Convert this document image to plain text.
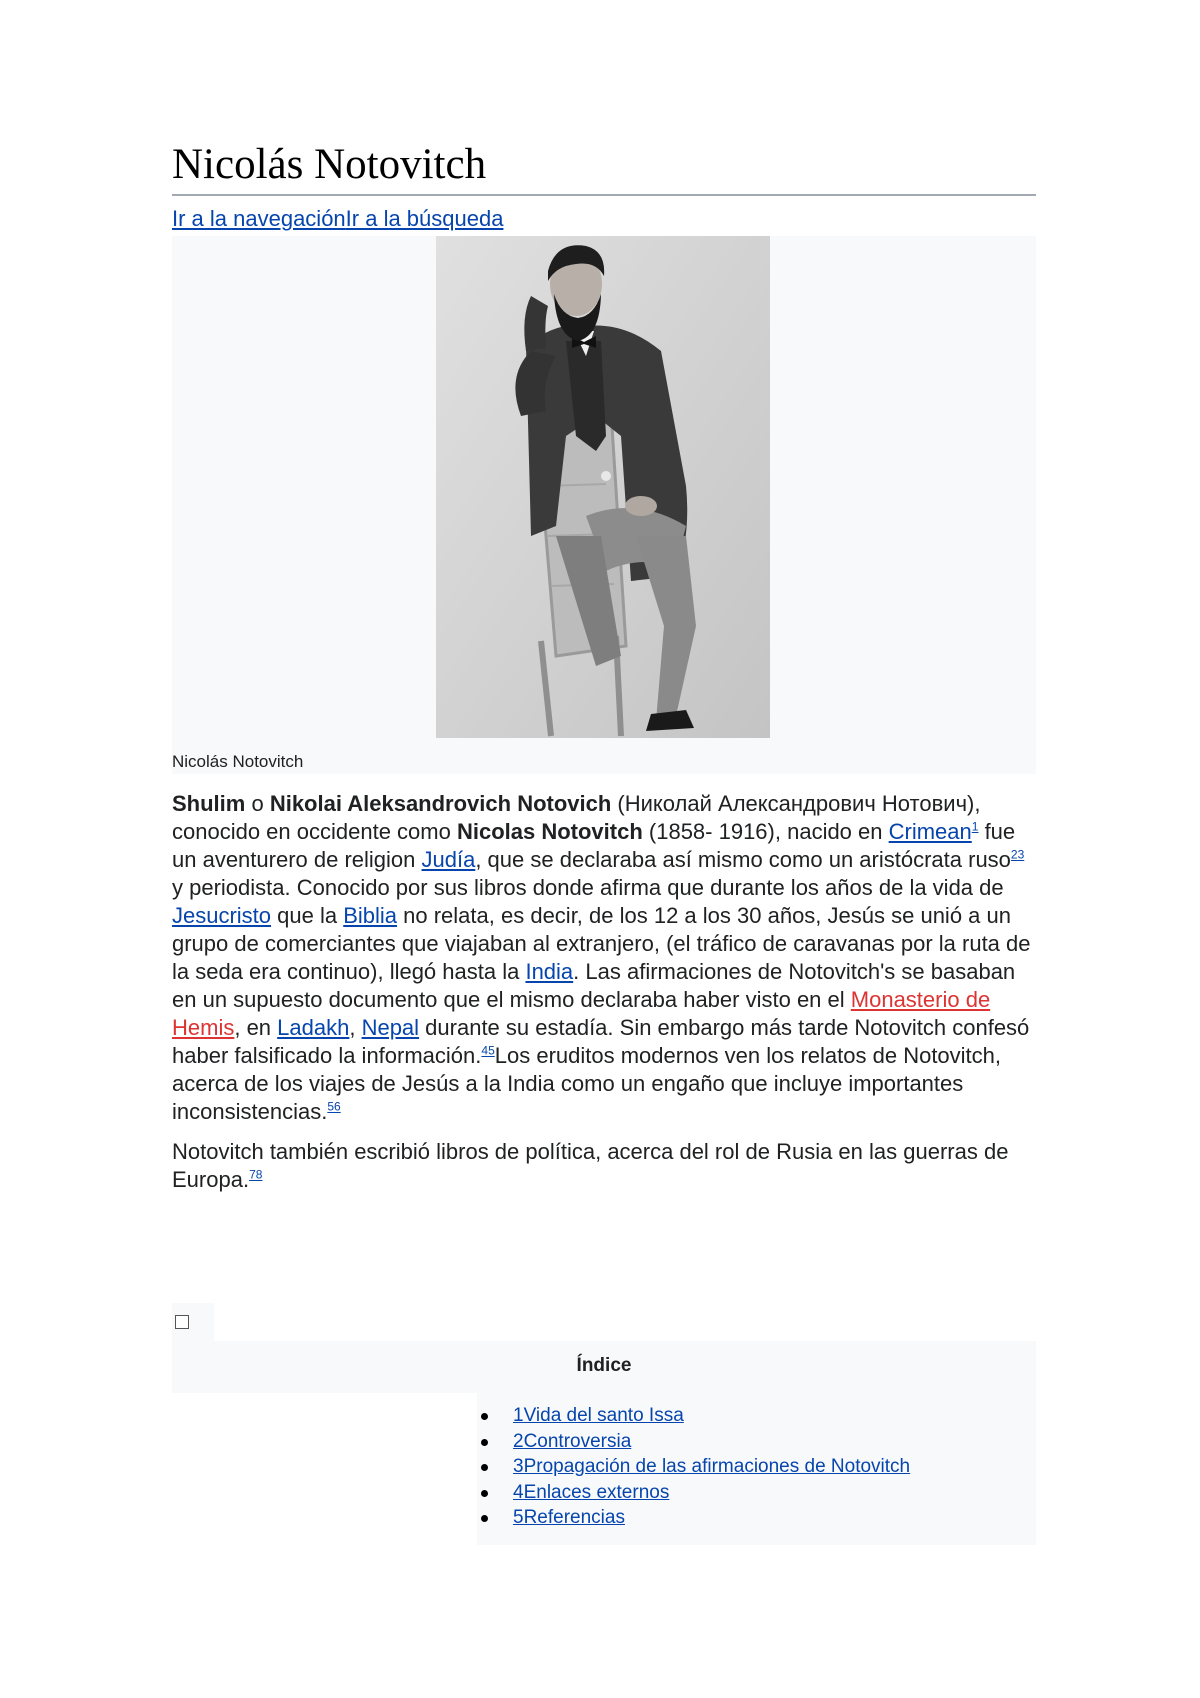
Nicolás Notovitch
Ir a la navegaciónIr a la búsqueda
Nicolás Notovitch

Shulim o Nikolai Aleksandrovich Notovich (Николай Александрович Нотович), conocido en occidente como Nicolas Notovitch (1858- 1916), nacido en Crimean$^1$ fue un aventurero de religion Judía, que se declaraba así mismo como un aristócrata ruso$^{23}$ y periodista. Conocido por sus libros donde afirma que durante los años de la vida de Jesucristo que la Biblia no relata, es decir, de los 12 a los 30 años, Jesús se unió a un grupo de comerciantes que viajaban al extranjero, (el tráfico de caravanas por la ruta de la seda era continuo), llegó hasta la India. Las afirmaciones de Notovitch's se basaban en un supuesto documento que el mismo declaraba haber visto en el Monasterio de Hemis, en Ladakh, Nepal durante su estadía. Sin embargo más tarde Notovitch confesó haber falsificado la información.$^{45}$Los eruditos modernos ven los relatos de Notovitch, acerca de los viajes de Jesús a la India como un engaño que incluye importantes inconsistencias.$^{56}$

Notovitch también escribió libros de política, acerca del rol de Rusia en las guerras de Europa.$^{78}$

Índice
1Vida del santo Issa
2Controversia
3Propagación de las afirmaciones de Notovitch
4Enlaces externos
5Referencias
